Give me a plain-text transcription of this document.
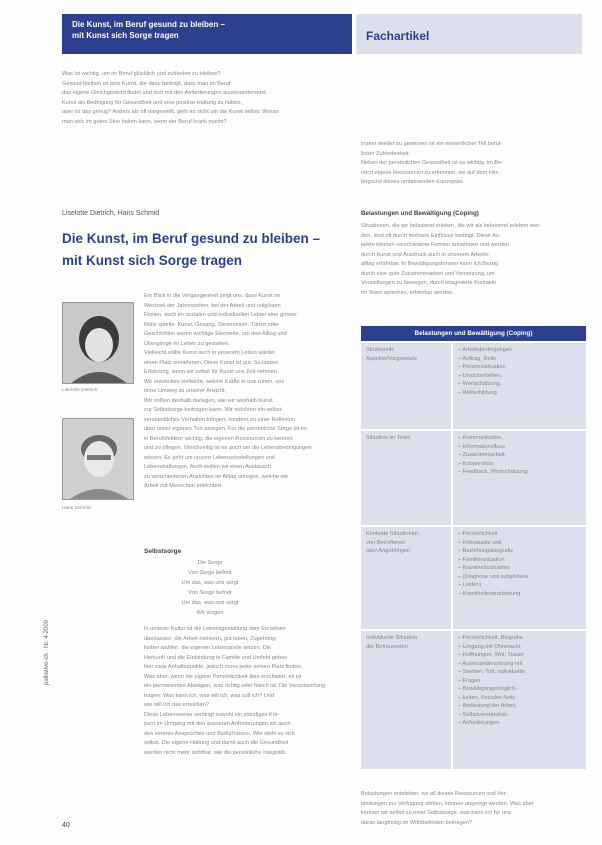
Die Kunst, im Beruf gesund zu bleiben –
mit Kunst sich Sorge tragen	Fachartikel
Was ist wichtig, um im Beruf glücklich und zufrieden zu bleiben?
Gesund bleiben ist eine Kunst, die dazu beiträgt, dass man im Beruf
das eigene Gleichgewicht findet und sich mit den Anforderungen auseinandersetzt.
Kunst als Bedingung für Gesundheit und eine positive Haltung zu haben,
aber ist das genug? Anders als oft dargestellt, geht es nicht um die Kunst selbst. Woran
man sich im guten Sinn halten kann, wenn der Beruf krank macht?
immer wieder zu gewinnen ist ein wesentlicher Teil beruf-
licher Zufriedenheit.
Neben der persönlichen Gesundheit ist es wichtig, im Be-
reich eigene Ressourcen zu erkennen, sie auf dem Hin-
tergrund dieses umfassenden Konzeptes.
Liselotte Dietrich, Hans Schmid
Die Kunst, im Beruf gesund zu bleiben –
mit Kunst sich Sorge tragen
Liselotte Dietrich
Hans Schmid
Ein Blick in die Vergangenheit zeigt uns, dass Kunst im
Wechsel der Jahreszeiten, bei der Arbeit und religiösen
Festen, auch im sozialen und individuellen Leben eine grosse
Rolle spielte. Kunst, Gesang, Zeremonien, Tänze oder
Geschichten waren wichtige Elemente, um den Alltag und
Übergänge im Leben zu gestalten.
Vielleicht sollte Kunst auch in unserem Leben wieder
einen Platz einnehmen. Diese Kunst ist gut. So lassen
Erfahrung, wenn wir selbst für Kunst uns Zeit nehmen.
Wir entdecken vielleicht, welche Kräfte in uns ruhen, uns
ohne Umweg zu unserer Ansicht.
Wir sollten deshalb darlegen, wie wir weshalb Kunst
zur Selbstsorge beitragen kann. Wir möchten ein selbst-
verständliches Verhalten bringen, sondern zu einer Reflexion
über unser eigenes Tun anregen. Für die persönliche Sorge ist es
in Berufsfeldern wichtig, die eigenen Ressourcen zu kennen
und zu pflegen. Gleichzeitig ist es auch um die Lebensbedingungen
wissen. Es geht um unsere Lebenseinstellungen und
Lebenshaltungen. Auch wollen wir einen Austausch
zu verschiedenen Ansichten im Alltag anregen, welche die
Arbeit mit Menschen erleichtert.
Selbstsorge
Die Sorge
Von Sorge befreit
Um das, was uns sorgt
Von Sorge befreit
Um das, was uns sorgt
Wir sorgen
In unserer Kultur ist die Lebensgestaltung dem Einzelnen
überlassen: die Arbeit meistern, gut leben, Zugehörig-
keiten wählen, die eigenen Lebensziele setzen. Die
Herkunft und die Einbindung in Familie und Umfeld geben
hier zwar Anhaltspunkte, jedoch muss jeder seinen Platz finden.
Was aber, wenn die eigene Persönlichkeit dies erschwert, es ist
ein permanentes Abwägen, was richtig oder falsch ist. Die Verantwortung
tragen: Was kann ich, was will ich, was soll ich? Und
wie will ich das erreichen?
Diese Lebensweise verlangt sowohl ein ständiges Kör-
pern im Umgang mit den äusseren Anforderungen als auch
den inneren Ansprüchen und Bedürfnissen. Wie steht es sich
selbst. Die eigene Haltung und damit auch die Gesundheit
werden nicht mehr sichtbar, wie die persönliche Integrität.
palliative-ch · Nr. 4-2009
40
Belastungen und Bewältigung (Coping)
Situationen, die wir belastend erleben, die wir als belastend erleben wer-
den, sind oft durch mehrere Einflüsse bedingt. Diese As-
pekte können verschiedene Formen annehmen und werden
durch Kunst und Ausdruck auch in unserem Arbeits-
alltag erfahrbar. In Bewältigungsformen kann ich Bezug
durch eine gute Zusammenarbeit und Vernetzung, um
Vorstellungen zu bewegen, durch imaginierte Kontakte
im Team sprechen, erfahrbar werden.
Belastungen und Bewältigung (Coping)
Strukturelle
Aspekte/Vorgesetzte
– Arbeitsbedingungen
– Auftrag, Rolle
– Personalsituation
– Unsicherheiten,
– Wertschätzung,
– Weiterbildung
Situation im Team
–	Kommunikation,
– Informationsfluss
– Zusammenarbeit,
– Kooperation
– Feedback, Wertschätzung
Konkrete Situationen
von Betroffenen
oder Angehörigen
– Persönlichkeit
– Individuelle und
– Beziehungsbiografie
– Familiensituation
– Krankheitssituation
– (Diagnose und subjektives
– Leiden)
– Krankheitsverarbeitung
Individuelle Situation
der Betreuenden
– Persönlichkeit, Biografie
– Umgang mit Ohnmacht,
– Hoffnungen, Wut, Trauer
– Auseinandersetzung mit
– Sterben, Tod, individuelle
– Fragen
– Bewältigungsmöglich-
– keiten, Soziales Netz
– Bedeutung der Arbeit,
– Selbstverständnis,
– Anforderungen
Belastungen entstehen, wo all dieses Ressourcen und Ver-
bindungen zur Verfügung stehen, können angeregt werden. Was aber
können wir selbst zu einer Selbstsorge, was kann ich für uns
daran langfristig im Wohlbefinden beitragen?
